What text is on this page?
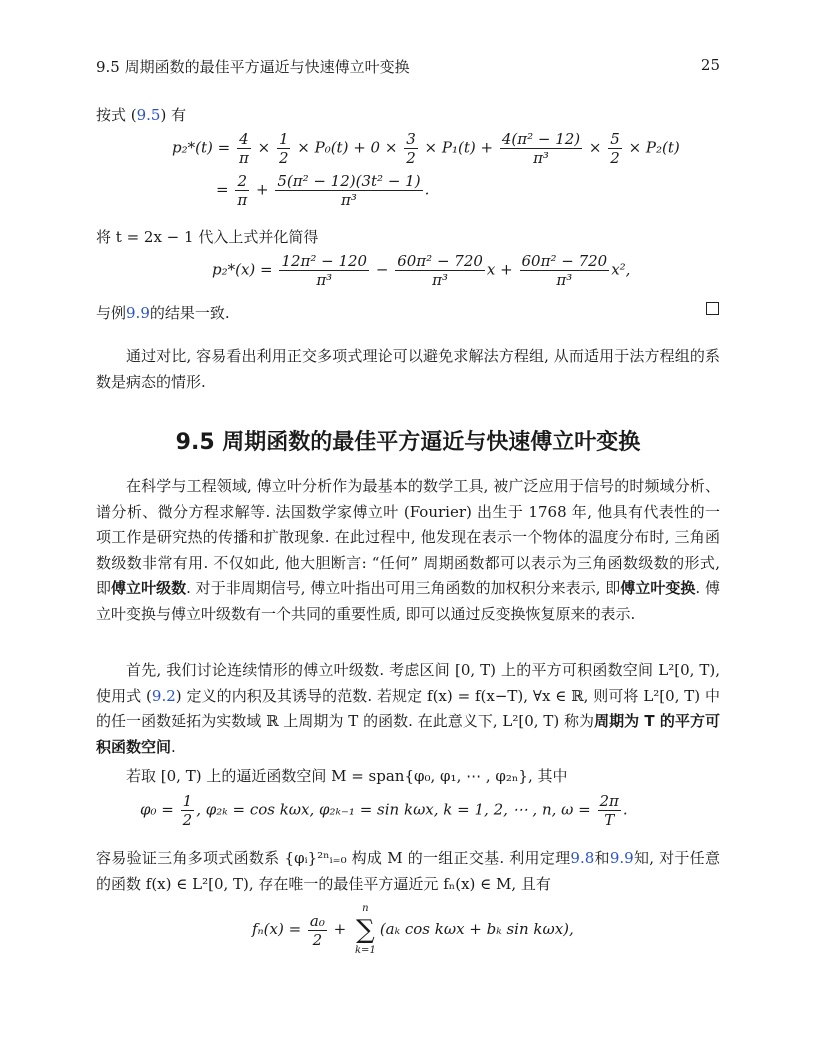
9.5 周期函数的最佳平方逼近与快速傅立叶变换	25
按式 (9.5) 有
$p_2*(t) = \frac{4}{\pi} \times \frac{1}{2} \times P_0(t) + 0 \times \frac{3}{2} \times P_1(t) + \frac{\text{4(π² − 12)}}{\text{π³}} \times \frac{5}{2} \times P_2(t)$
= $\frac{2}{\pi} + \frac{\text{5(π² − 12)(3t² − 1)}}{\text{π³}}$ .
将 t = 2x − 1 代入上式并化简得
$p_2*(x) = \frac{\text{12π² − 120}}{\text{π³}} - \frac{\text{60π² − 720}}{\text{π³}}$ $x + \frac{\text{60π² − 720}}{\text{π³}} x^2$,
与例9.9的结果一致.
通过对比, 容易看出利用正交多项式理论可以避免求解法方程组, 从而适用于法方程组的系数是病态的情形.
9.5 周期函数的最佳平方逼近与快速傅立叶变换
在科学与工程领域, 傅立叶分析作为最基本的数学工具, 被广泛应用于信号的时频域分析、谱分析、微分方程求解等. 法国数学家傅立叶 (Fourier) 出生于 1768 年, 他具有代表性的一项工作是研究热的传播和扩散现象. 在此过程中, 他发现在表示一个物体的温度分布时, 三角函数级数非常有用. 不仅如此, 他大胆断言: “任何” 周期函数都可以表示为三角函数级数的形式, 即傅立叶级数. 对于非周期信号, 傅立叶指出可用三角函数的加权积分来表示, 即傅立叶变换. 傅立叶变换与傅立叶级数有一个共同的重要性质, 即可以通过反变换恢复原来的表示.
首先, 我们讨论连续情形的傅立叶级数. 考虑区间 [0, T) 上的平方可积函数空间 L²[0, T), 使用式 (9.2) 定义的内积及其诱导的范数. 若规定 f(x) = f(x−T), ∀x ∈ ℝ, 则可将 L²[0, T) 中的任一函数延拓为实数域 ℝ 上周期为 T 的函数. 在此意义下, L²[0, T) 称为周期为 T 的平方可积函数空间.
若取 [0, T) 上的逼近函数空间 M = span{φ₀, φ₁, ⋯ , φ₂ₙ}, 其中
$\varphi_0 = \frac{1}{2}$ , φ₂ₖ = cos kωx, φ₂ₖ₋₁ = sin kωx, k = 1, 2, ⋯ , n, $\omega = \frac{2\pi}{T}$ .
容易验证三角多项式函数系 {φᵢ}²ⁿᵢ₌₀ 构成 M 的一组正交基. 利用定理9.8和9.9知, 对于任意的函数 f(x) ∈ L²[0, T), 存在唯一的最佳平方逼近元 fₙ(x) ∈ M, 且有
$f_n(x) = \frac{\text{a₀}}{2}$ +
n
∑
k=1
(aₖ cos kωx + bₖ sin kωx),
